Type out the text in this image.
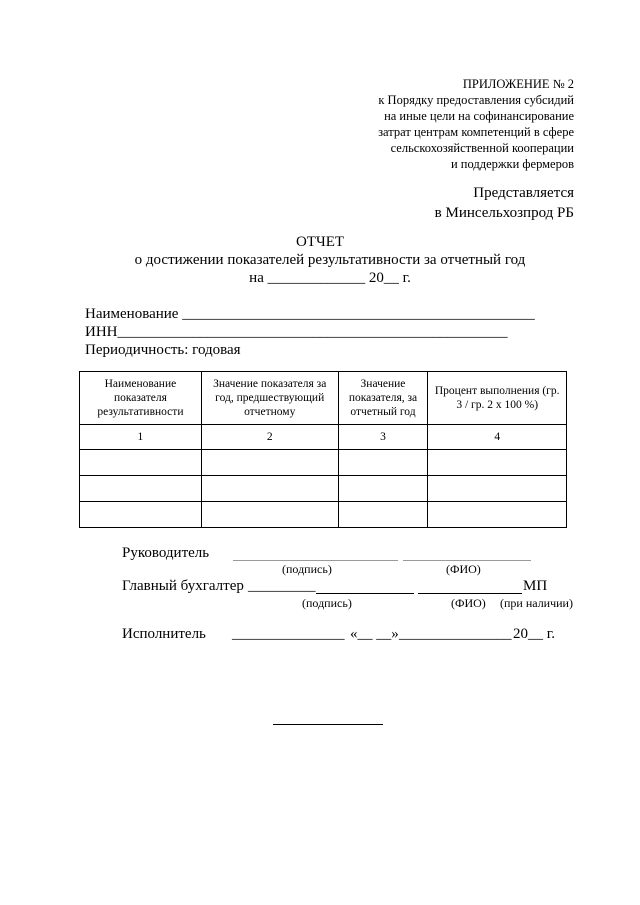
ПРИЛОЖЕНИЕ № 2
к Порядку предоставления субсидий
на иные цели на софинансирование
затрат центрам компетенций в сфере
сельскохозяйственной кооперации
и поддержки фермеров
Представляется
в Минсельхозпрод РБ
ОТЧЕТ
о достижении показателей результативности за отчетный год
на _____________ 20__ г.
Наименование _______________________________________________
ИНН____________________________________________________
Периодичность: годовая
Наименование показателя результативности	Значение показателя за год, предшествующий отчетному	Значение показателя, за отчетный год	Процент выполнения (гр. 3 / гр. 2 x 100 %)
1	2	3	4

Руководитель
(подпись)	(ФИО)
Главный бухгалтер _________	МП
(подпись)	(ФИО) (при наличии)
Исполнитель _______________ «__ __» _______________ 20__ г.
